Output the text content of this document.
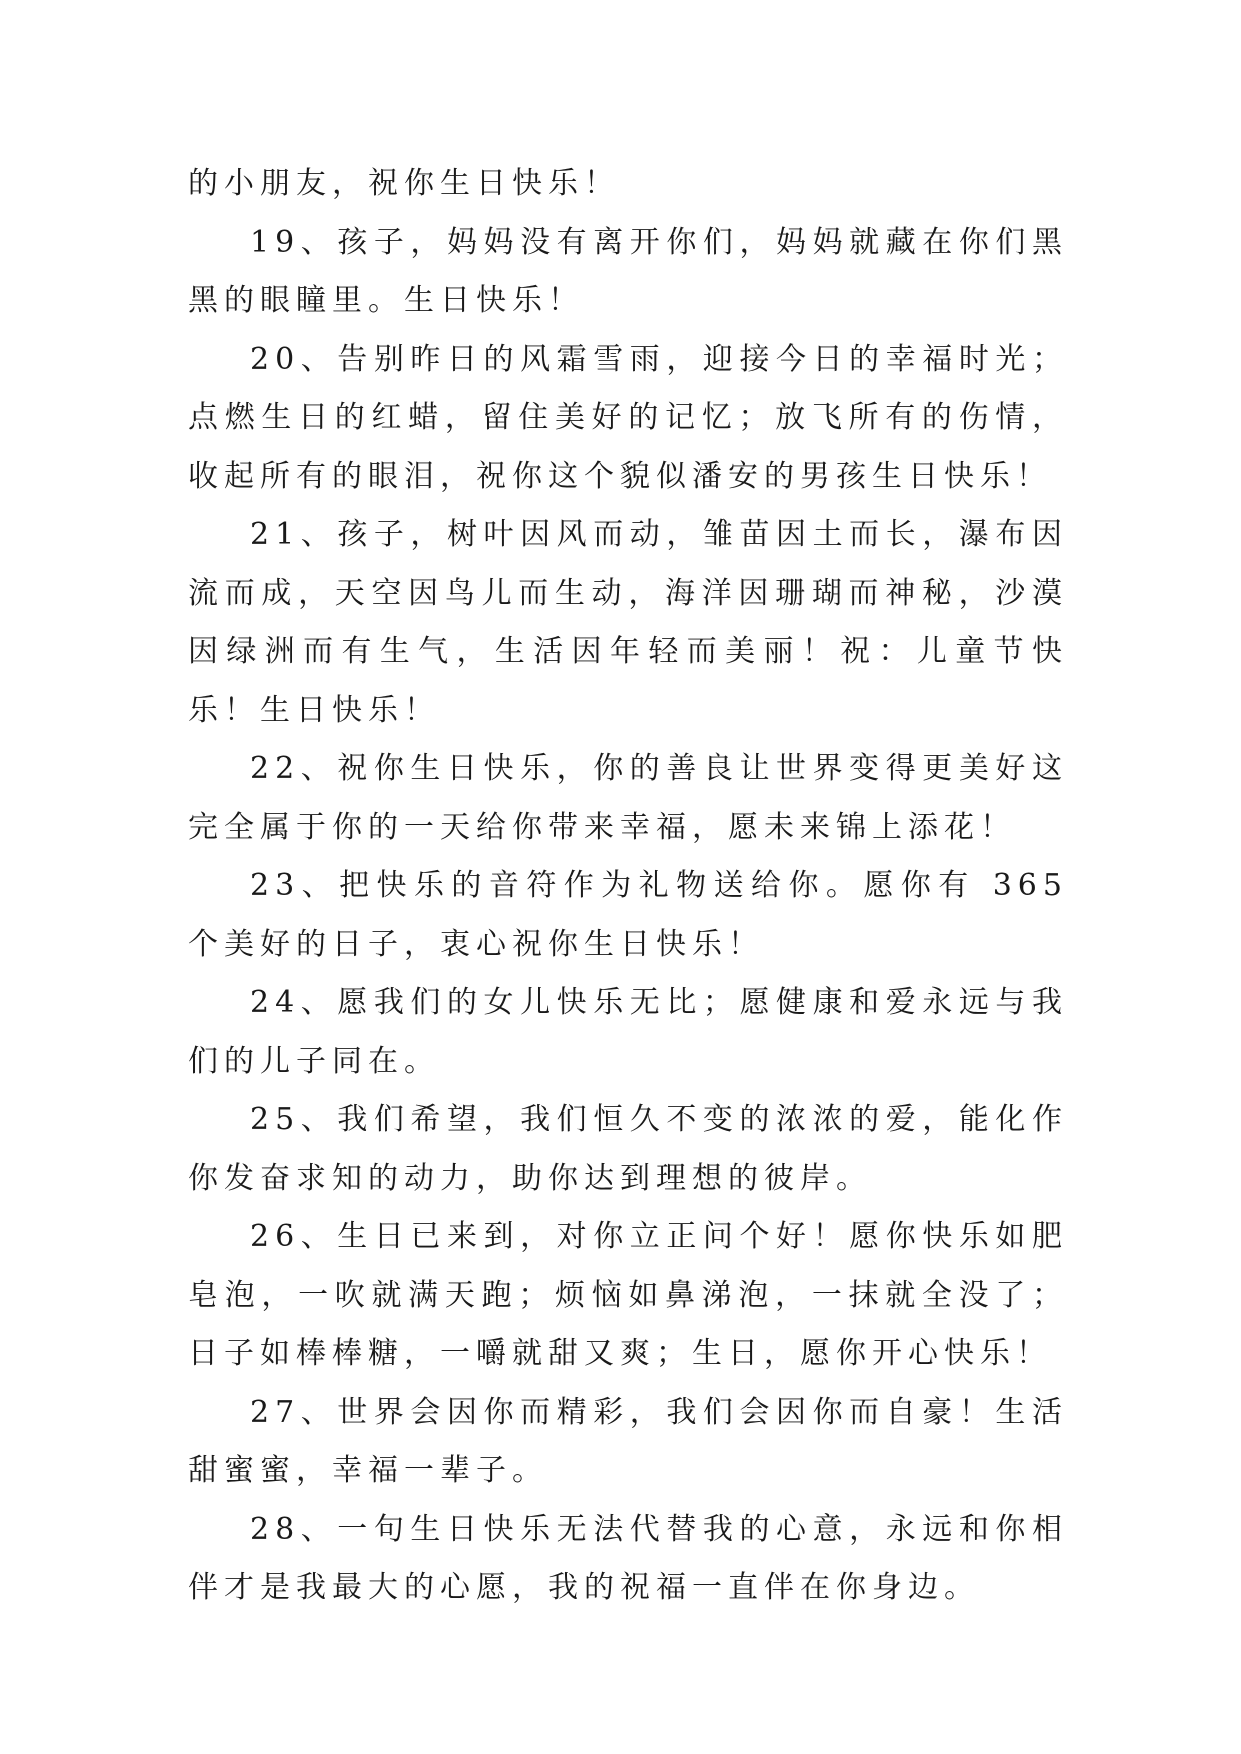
的小朋友，祝你生日快乐！

19、孩子，妈妈没有离开你们，妈妈就藏在你们黑黑的眼瞳里。生日快乐！

20、告别昨日的风霜雪雨，迎接今日的幸福时光；点燃生日的红蜡，留住美好的记忆；放飞所有的伤情，收起所有的眼泪，祝你这个貌似潘安的男孩生日快乐！

21、孩子，树叶因风而动，雏苗因土而长，瀑布因流而成，天空因鸟儿而生动，海洋因珊瑚而神秘，沙漠因绿洲而有生气，生活因年轻而美丽！祝：儿童节快乐！生日快乐！

22、祝你生日快乐，你的善良让世界变得更美好这完全属于你的一天给你带来幸福，愿未来锦上添花！

23、把快乐的音符作为礼物送给你。愿你有 365 个美好的日子，衷心祝你生日快乐！

24、愿我们的女儿快乐无比；愿健康和爱永远与我们的儿子同在。

25、我们希望，我们恒久不变的浓浓的爱，能化作你发奋求知的动力，助你达到理想的彼岸。

26、生日已来到，对你立正问个好！愿你快乐如肥皂泡，一吹就满天跑；烦恼如鼻涕泡，一抹就全没了；日子如棒棒糖，一嚼就甜又爽；生日，愿你开心快乐！

27、世界会因你而精彩，我们会因你而自豪！生活甜蜜蜜，幸福一辈子。

28、一句生日快乐无法代替我的心意，永远和你相伴才是我最大的心愿，我的祝福一直伴在你身边。
